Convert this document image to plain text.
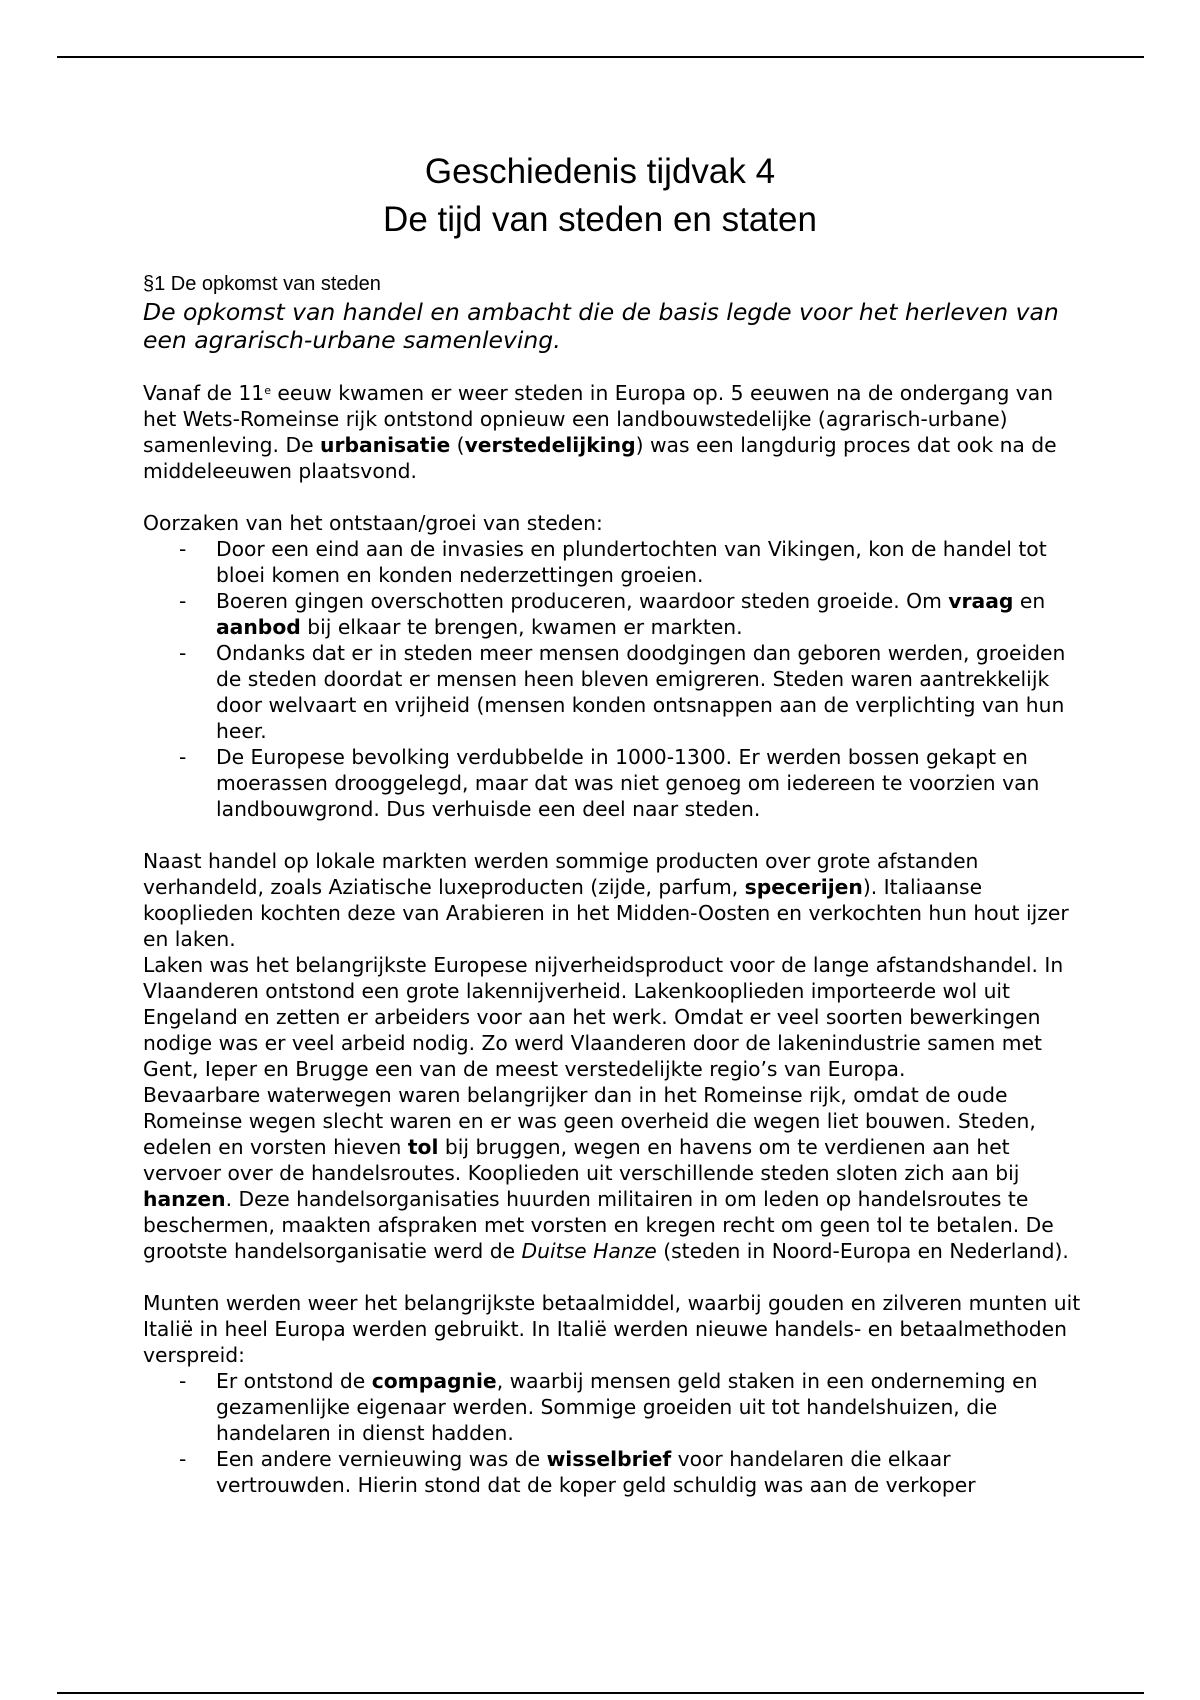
Geschiedenis tijdvak 4
De tijd van steden en staten
§1 De opkomst van steden
De opkomst van handel en ambacht die de basis legde voor het herleven van een agrarisch-urbane samenleving.

Vanaf de 11e eeuw kwamen er weer steden in Europa op. 5 eeuwen na de ondergang van het Wets-Romeinse rijk ontstond opnieuw een landbouwstedelijke (agrarisch-urbane) samenleving. De urbanisatie (verstedelijking) was een langdurig proces dat ook na de middeleeuwen plaatsvond.

Oorzaken van het ontstaan/groei van steden:

- Door een eind aan de invasies en plundertochten van Vikingen, kon de handel tot bloei komen en konden nederzettingen groeien.
- Boeren gingen overschotten produceren, waardoor steden groeide. Om vraag en aanbod bij elkaar te brengen, kwamen er markten.
- Ondanks dat er in steden meer mensen doodgingen dan geboren werden, groeiden de steden doordat er mensen heen bleven emigreren. Steden waren aantrekkelijk door welvaart en vrijheid (mensen konden ontsnappen aan de verplichting van hun heer.
- De Europese bevolking verdubbelde in 1000-1300. Er werden bossen gekapt en moerassen drooggelegd, maar dat was niet genoeg om iedereen te voorzien van landbouwgrond. Dus verhuisde een deel naar steden.

Naast handel op lokale markten werden sommige producten over grote afstanden verhandeld, zoals Aziatische luxeproducten (zijde, parfum, specerijen). Italiaanse kooplieden kochten deze van Arabieren in het Midden-Oosten en verkochten hun hout ijzer en laken.

Laken was het belangrijkste Europese nijverheidsproduct voor de lange afstandshandel. In Vlaanderen ontstond een grote lakennijverheid. Lakenkooplieden importeerde wol uit Engeland en zetten er arbeiders voor aan het werk. Omdat er veel soorten bewerkingen nodige was er veel arbeid nodig. Zo werd Vlaanderen door de lakenindustrie samen met Gent, Ieper en Brugge een van de meest verstedelijkte regio’s van Europa.

Bevaarbare waterwegen waren belangrijker dan in het Romeinse rijk, omdat de oude Romeinse wegen slecht waren en er was geen overheid die wegen liet bouwen. Steden, edelen en vorsten hieven tol bij bruggen, wegen en havens om te verdienen aan het vervoer over de handelsroutes. Kooplieden uit verschillende steden sloten zich aan bij hanzen. Deze handelsorganisaties huurden militairen in om leden op handelsroutes te beschermen, maakten afspraken met vorsten en kregen recht om geen tol te betalen. De grootste handelsorganisatie werd de Duitse Hanze (steden in Noord-Europa en Nederland).

Munten werden weer het belangrijkste betaalmiddel, waarbij gouden en zilveren munten uit Italië in heel Europa werden gebruikt. In Italië werden nieuwe handels- en betaalmethoden verspreid:

- Er ontstond de compagnie, waarbij mensen geld staken in een onderneming en gezamenlijke eigenaar werden. Sommige groeiden uit tot handelshuizen, die handelaren in dienst hadden.
- Een andere vernieuwing was de wisselbrief voor handelaren die elkaar vertrouwden. Hierin stond dat de koper geld schuldig was aan de verkoper
